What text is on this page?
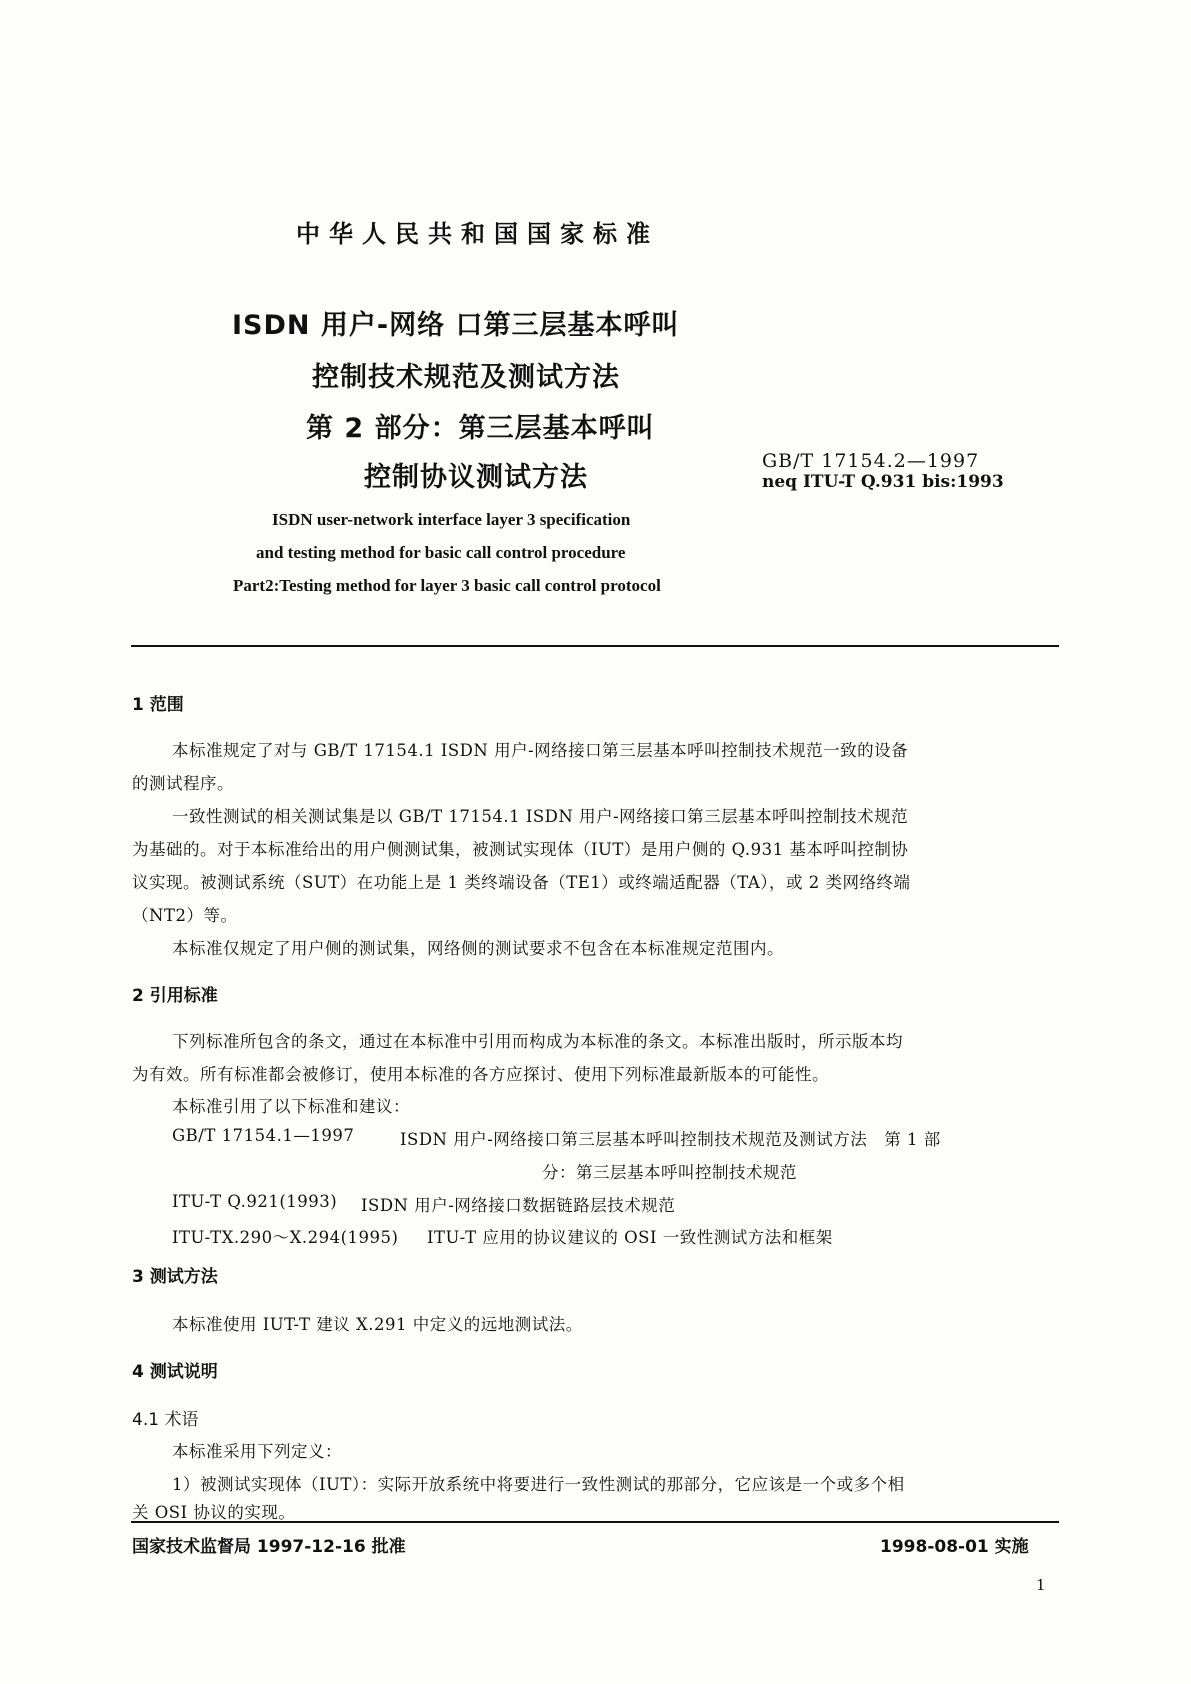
中华人民共和国国家标准
ISDN 用户-网络 口第三层基本呼叫
控制技术规范及测试方法
第 2 部分：第三层基本呼叫
控制协议测试方法
GB/T 17154.2—1997
neq ITU-T Q.931 bis:1993
ISDN user-network interface layer 3 specification
and testing method for basic call control procedure
Part2:Testing method for layer 3 basic call control protocol
1 范围
本标准规定了对与 GB/T 17154.1 ISDN 用户-网络接口第三层基本呼叫控制技术规范一致的设备
的测试程序。
一致性测试的相关测试集是以 GB/T 17154.1 ISDN 用户-网络接口第三层基本呼叫控制技术规范
为基础的。对于本标准给出的用户侧测试集，被测试实现体（IUT）是用户侧的 Q.931 基本呼叫控制协
议实现。被测试系统（SUT）在功能上是 1 类终端设备（TE1）或终端适配器（TA），或 2 类网络终端
（NT2）等。
本标准仅规定了用户侧的测试集，网络侧的测试要求不包含在本标准规定范围内。
2 引用标准
下列标准所包含的条文，通过在本标准中引用而构成为本标准的条文。本标准出版时，所示版本均
为有效。所有标准都会被修订，使用本标准的各方应探讨、使用下列标准最新版本的可能性。
本标准引用了以下标准和建议：
GB/T 17154.1—1997	ISDN 用户-网络接口第三层基本呼叫控制技术规范及测试方法　第 1 部
分：第三层基本呼叫控制技术规范
ITU-T Q.921(1993) ISDN 用户-网络接口数据链路层技术规范
ITU-TX.290～X.294(1995) ITU-T 应用的协议建议的 OSI 一致性测试方法和框架
3 测试方法
本标准使用 IUT-T 建议 X.291 中定义的远地测试法。
4 测试说明
4.1 术语
本标准采用下列定义：
1）被测试实现体（IUT）：实际开放系统中将要进行一致性测试的那部分，它应该是一个或多个相
关 OSI 协议的实现。
国家技术监督局 1997-12-16 批准	1998-08-01 实施
1
